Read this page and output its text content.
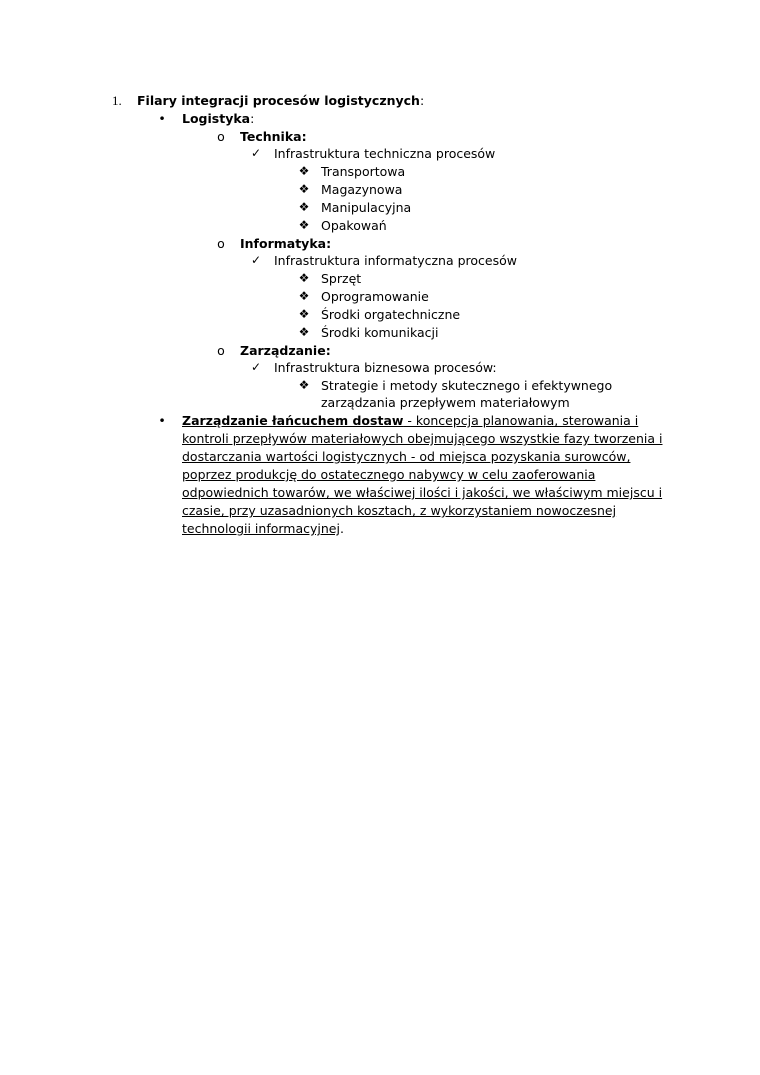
1. Filary integracji procesów logistycznych:
• Logistyka:
o Technika:
✓ Infrastruktura techniczna procesów
❖ Transportowa
❖ Magazynowa
❖ Manipulacyjna
❖ Opakowań
o Informatyka:
✓ Infrastruktura informatyczna procesów
❖ Sprzęt
❖ Oprogramowanie
❖ Środki orgatechniczne
❖ Środki komunikacji
o Zarządzanie:
✓ Infrastruktura biznesowa procesów:
❖ Strategie i metody skutecznego i efektywnego
zarządzania przepływem materiałowym
• Zarządzanie łańcuchem dostaw - koncepcja planowania, sterowania i kontroli przepływów materiałowych obejmującego wszystkie fazy tworzenia i dostarczania wartości logistycznych - od miejsca pozyskania surowców, poprzez produkcję do ostatecznego nabywcy w celu zaoferowania odpowiednich towarów, we właściwej ilości i jakości, we właściwym miejscu i czasie, przy uzasadnionych kosztach, z wykorzystaniem nowoczesnej technologii informacyjnej.
